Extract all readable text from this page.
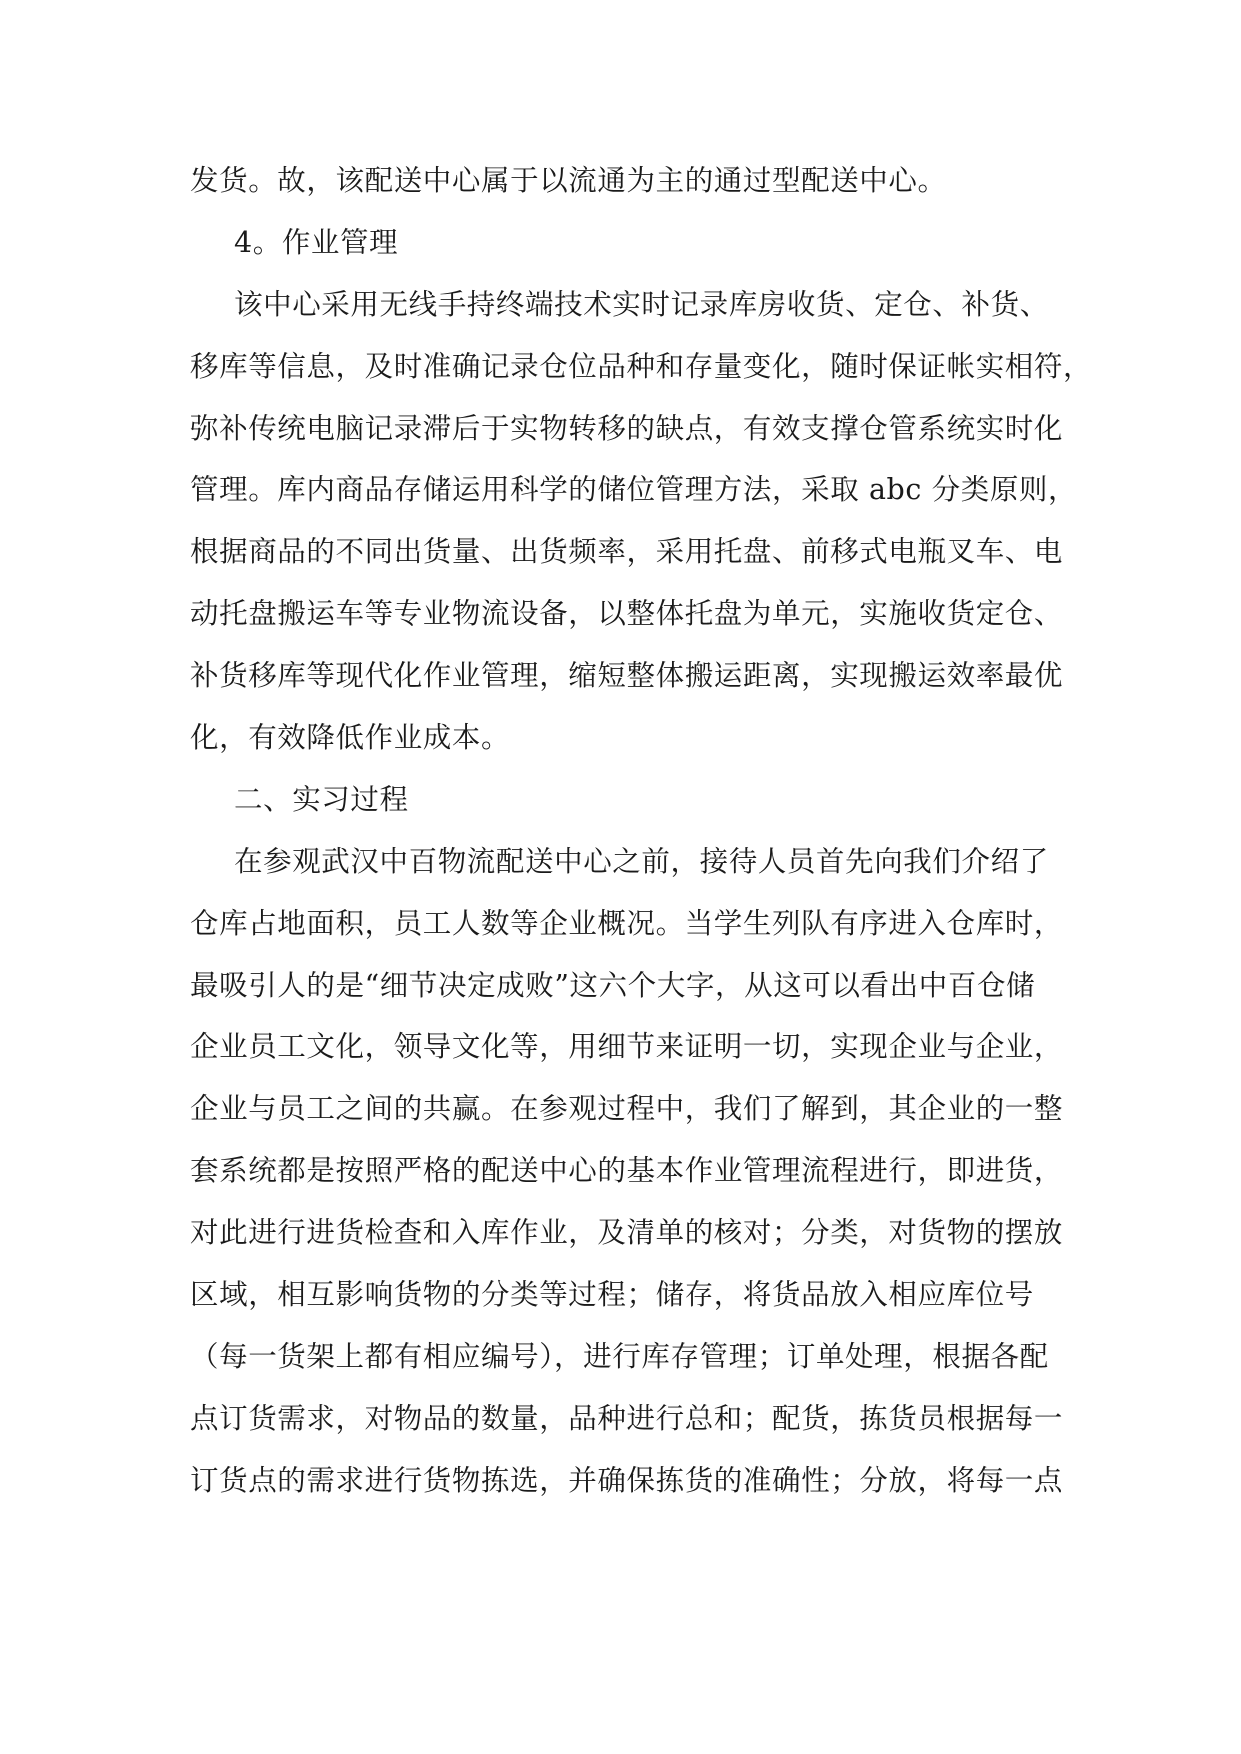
发货。故，该配送中心属于以流通为主的通过型配送中心。
4。作业管理
该中心采用无线手持终端技术实时记录库房收货、定仓、补货、
移库等信息，及时准确记录仓位品种和存量变化，随时保证帐实相符，
弥补传统电脑记录滞后于实物转移的缺点，有效支撑仓管系统实时化
管理。库内商品存储运用科学的储位管理方法，采取 abc 分类原则，
根据商品的不同出货量、出货频率，采用托盘、前移式电瓶叉车、电
动托盘搬运车等专业物流设备，以整体托盘为单元，实施收货定仓、
补货移库等现代化作业管理，缩短整体搬运距离，实现搬运效率最优
化，有效降低作业成本。
二、实习过程
在参观武汉中百物流配送中心之前，接待人员首先向我们介绍了
仓库占地面积，员工人数等企业概况。当学生列队有序进入仓库时，
最吸引人的是“细节决定成败”这六个大字，从这可以看出中百仓储
企业员工文化，领导文化等，用细节来证明一切，实现企业与企业，
企业与员工之间的共赢。在参观过程中，我们了解到，其企业的一整
套系统都是按照严格的配送中心的基本作业管理流程进行，即进货，
对此进行进货检查和入库作业，及清单的核对；分类，对货物的摆放
区域，相互影响货物的分类等过程；储存，将货品放入相应库位号
（每一货架上都有相应编号），进行库存管理；订单处理，根据各配
点订货需求，对物品的数量，品种进行总和；配货，拣货员根据每一
订货点的需求进行货物拣选，并确保拣货的准确性；分放，将每一点
